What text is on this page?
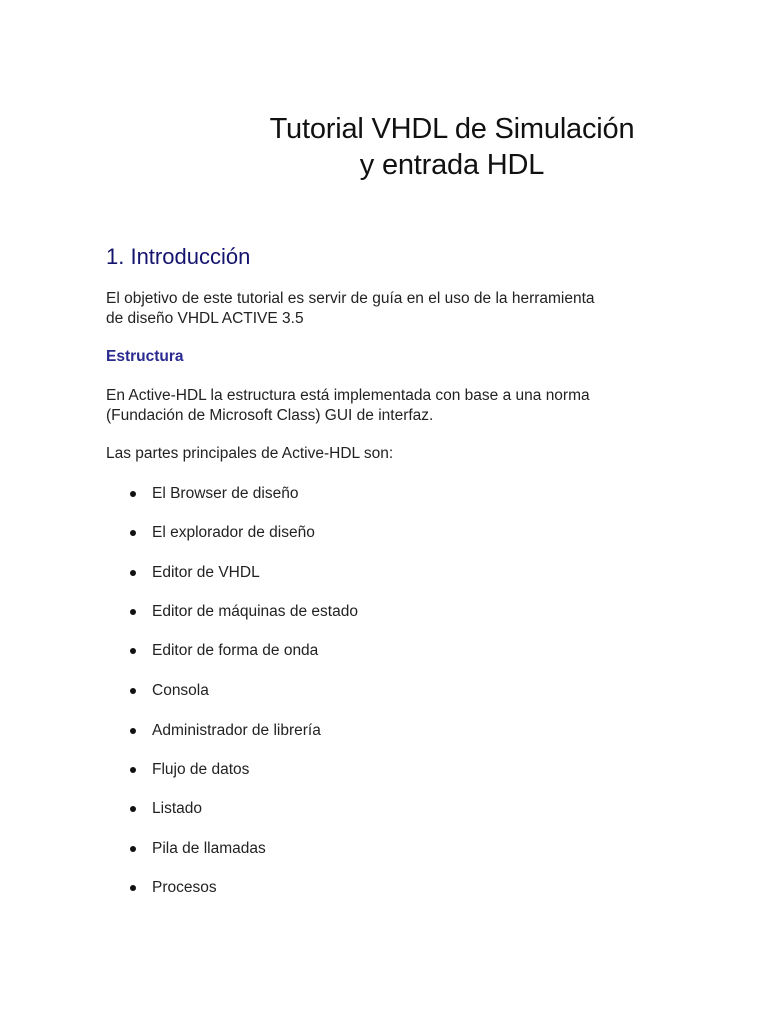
Tutorial VHDL de Simulación
y entrada HDL
1. Introducción

El objetivo de este tutorial es servir de guía en el uso de la herramienta
de diseño VHDL ACTIVE 3.5

Estructura

En Active-HDL la estructura está implementada con base a una norma
(Fundación de Microsoft Class) GUI de interfaz.

Las partes principales de Active-HDL son:

El Browser de diseño
El explorador de diseño
Editor de VHDL
Editor de máquinas de estado
Editor de forma de onda
Consola
Administrador de librería
Flujo de datos
Listado
Pila de llamadas
Procesos
